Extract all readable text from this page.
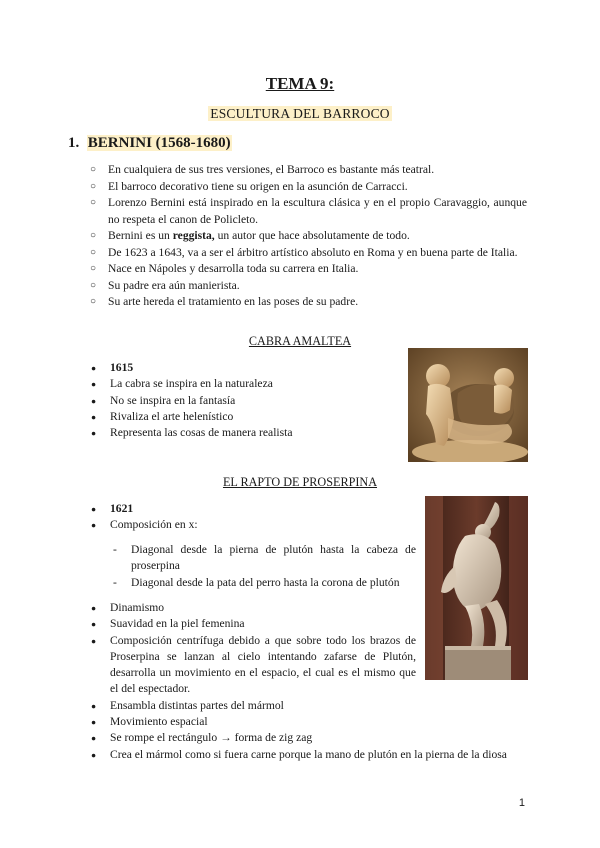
TEMA 9:
ESCULTURA DEL BARROCO
1. BERNINI (1568-1680)
○ En cualquiera de sus tres versiones, el Barroco es bastante más teatral.
○ El barroco decorativo tiene su origen en la asunción de Carracci.
○ Lorenzo Bernini está inspirado en la escultura clásica y en el propio Caravaggio, aunque no respeta el canon de Policleto.
○ Bernini es un reggista, un autor que hace absolutamente de todo.
○ De 1623 a 1643, va a ser el árbitro artístico absoluto en Roma y en buena parte de Italia.
○ Nace en Nápoles y desarrolla toda su carrera en Italia.
○ Su padre era aún manierista.
○ Su arte hereda el tratamiento en las poses de su padre.
CABRA AMALTEA
● 1615
● La cabra se inspira en la naturaleza
● No se inspira en la fantasía
● Rivaliza el arte helenístico
● Representa las cosas de manera realista
EL RAPTO DE PROSERPINA
● 1621
● Composición en x:
- Diagonal desde la pierna de plutón hasta la cabeza de proserpina
- Diagonal desde la pata del perro hasta la corona de plutón
● Dinamismo
● Suavidad en la piel femenina
● Composición centrífuga debido a que sobre todo los brazos de Proserpina se lanzan al cielo intentando zafarse de Plutón, desarrolla un movimiento en el espacio, el cual es el mismo que el del espectador.
● Ensambla distintas partes del mármol
● Movimiento espacial
● Se rompe el rectángulo → forma de zig zag
● Crea el mármol como si fuera carne porque la mano de plutón en la pierna de la diosa
1
